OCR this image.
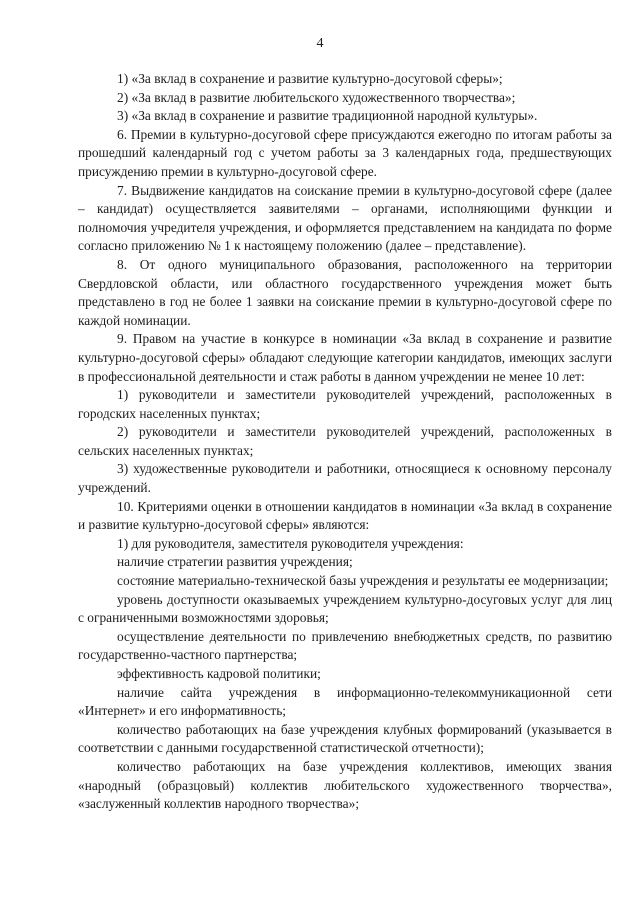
4

1) «За вклад в сохранение и развитие культурно-досуговой сферы»;

2) «За вклад в развитие любительского художественного творчества»;

3) «За вклад в сохранение и развитие традиционной народной культуры».

6. Премии в культурно-досуговой сфере присуждаются ежегодно по итогам работы за прошедший календарный год с учетом работы за 3 календарных года, предшествующих присуждению премии в культурно-досуговой сфере.

7. Выдвижение кандидатов на соискание премии в культурно-досуговой сфере (далее – кандидат) осуществляется заявителями – органами, исполняющими функции и полномочия учредителя учреждения, и оформляется представлением на кандидата по форме согласно приложению № 1 к настоящему положению (далее – представление).

8. От одного муниципального образования, расположенного на территории Свердловской области, или областного государственного учреждения может быть представлено в год не более 1 заявки на соискание премии в культурно-досуговой сфере по каждой номинации.

9. Правом на участие в конкурсе в номинации «За вклад в сохранение и развитие культурно-досуговой сферы» обладают следующие категории кандидатов, имеющих заслуги в профессиональной деятельности и стаж работы в данном учреждении не менее 10 лет:

1) руководители и заместители руководителей учреждений, расположенных в городских населенных пунктах;

2) руководители и заместители руководителей учреждений, расположенных в сельских населенных пунктах;

3) художественные руководители и работники, относящиеся к основному персоналу учреждений.

10. Критериями оценки в отношении кандидатов в номинации «За вклад в сохранение и развитие культурно-досуговой сферы» являются:

1) для руководителя, заместителя руководителя учреждения:

наличие стратегии развития учреждения;

состояние материально-технической базы учреждения и результаты ее модернизации;

уровень доступности оказываемых учреждением культурно-досуговых услуг для лиц с ограниченными возможностями здоровья;

осуществление деятельности по привлечению внебюджетных средств, по развитию государственно-частного партнерства;

эффективность кадровой политики;

наличие сайта учреждения в информационно-телекоммуникационной сети «Интернет» и его информативность;

количество работающих на базе учреждения клубных формирований (указывается в соответствии с данными государственной статистической отчетности);

количество работающих на базе учреждения коллективов, имеющих звания «народный (образцовый) коллектив любительского художественного творчества», «заслуженный коллектив народного творчества»;
